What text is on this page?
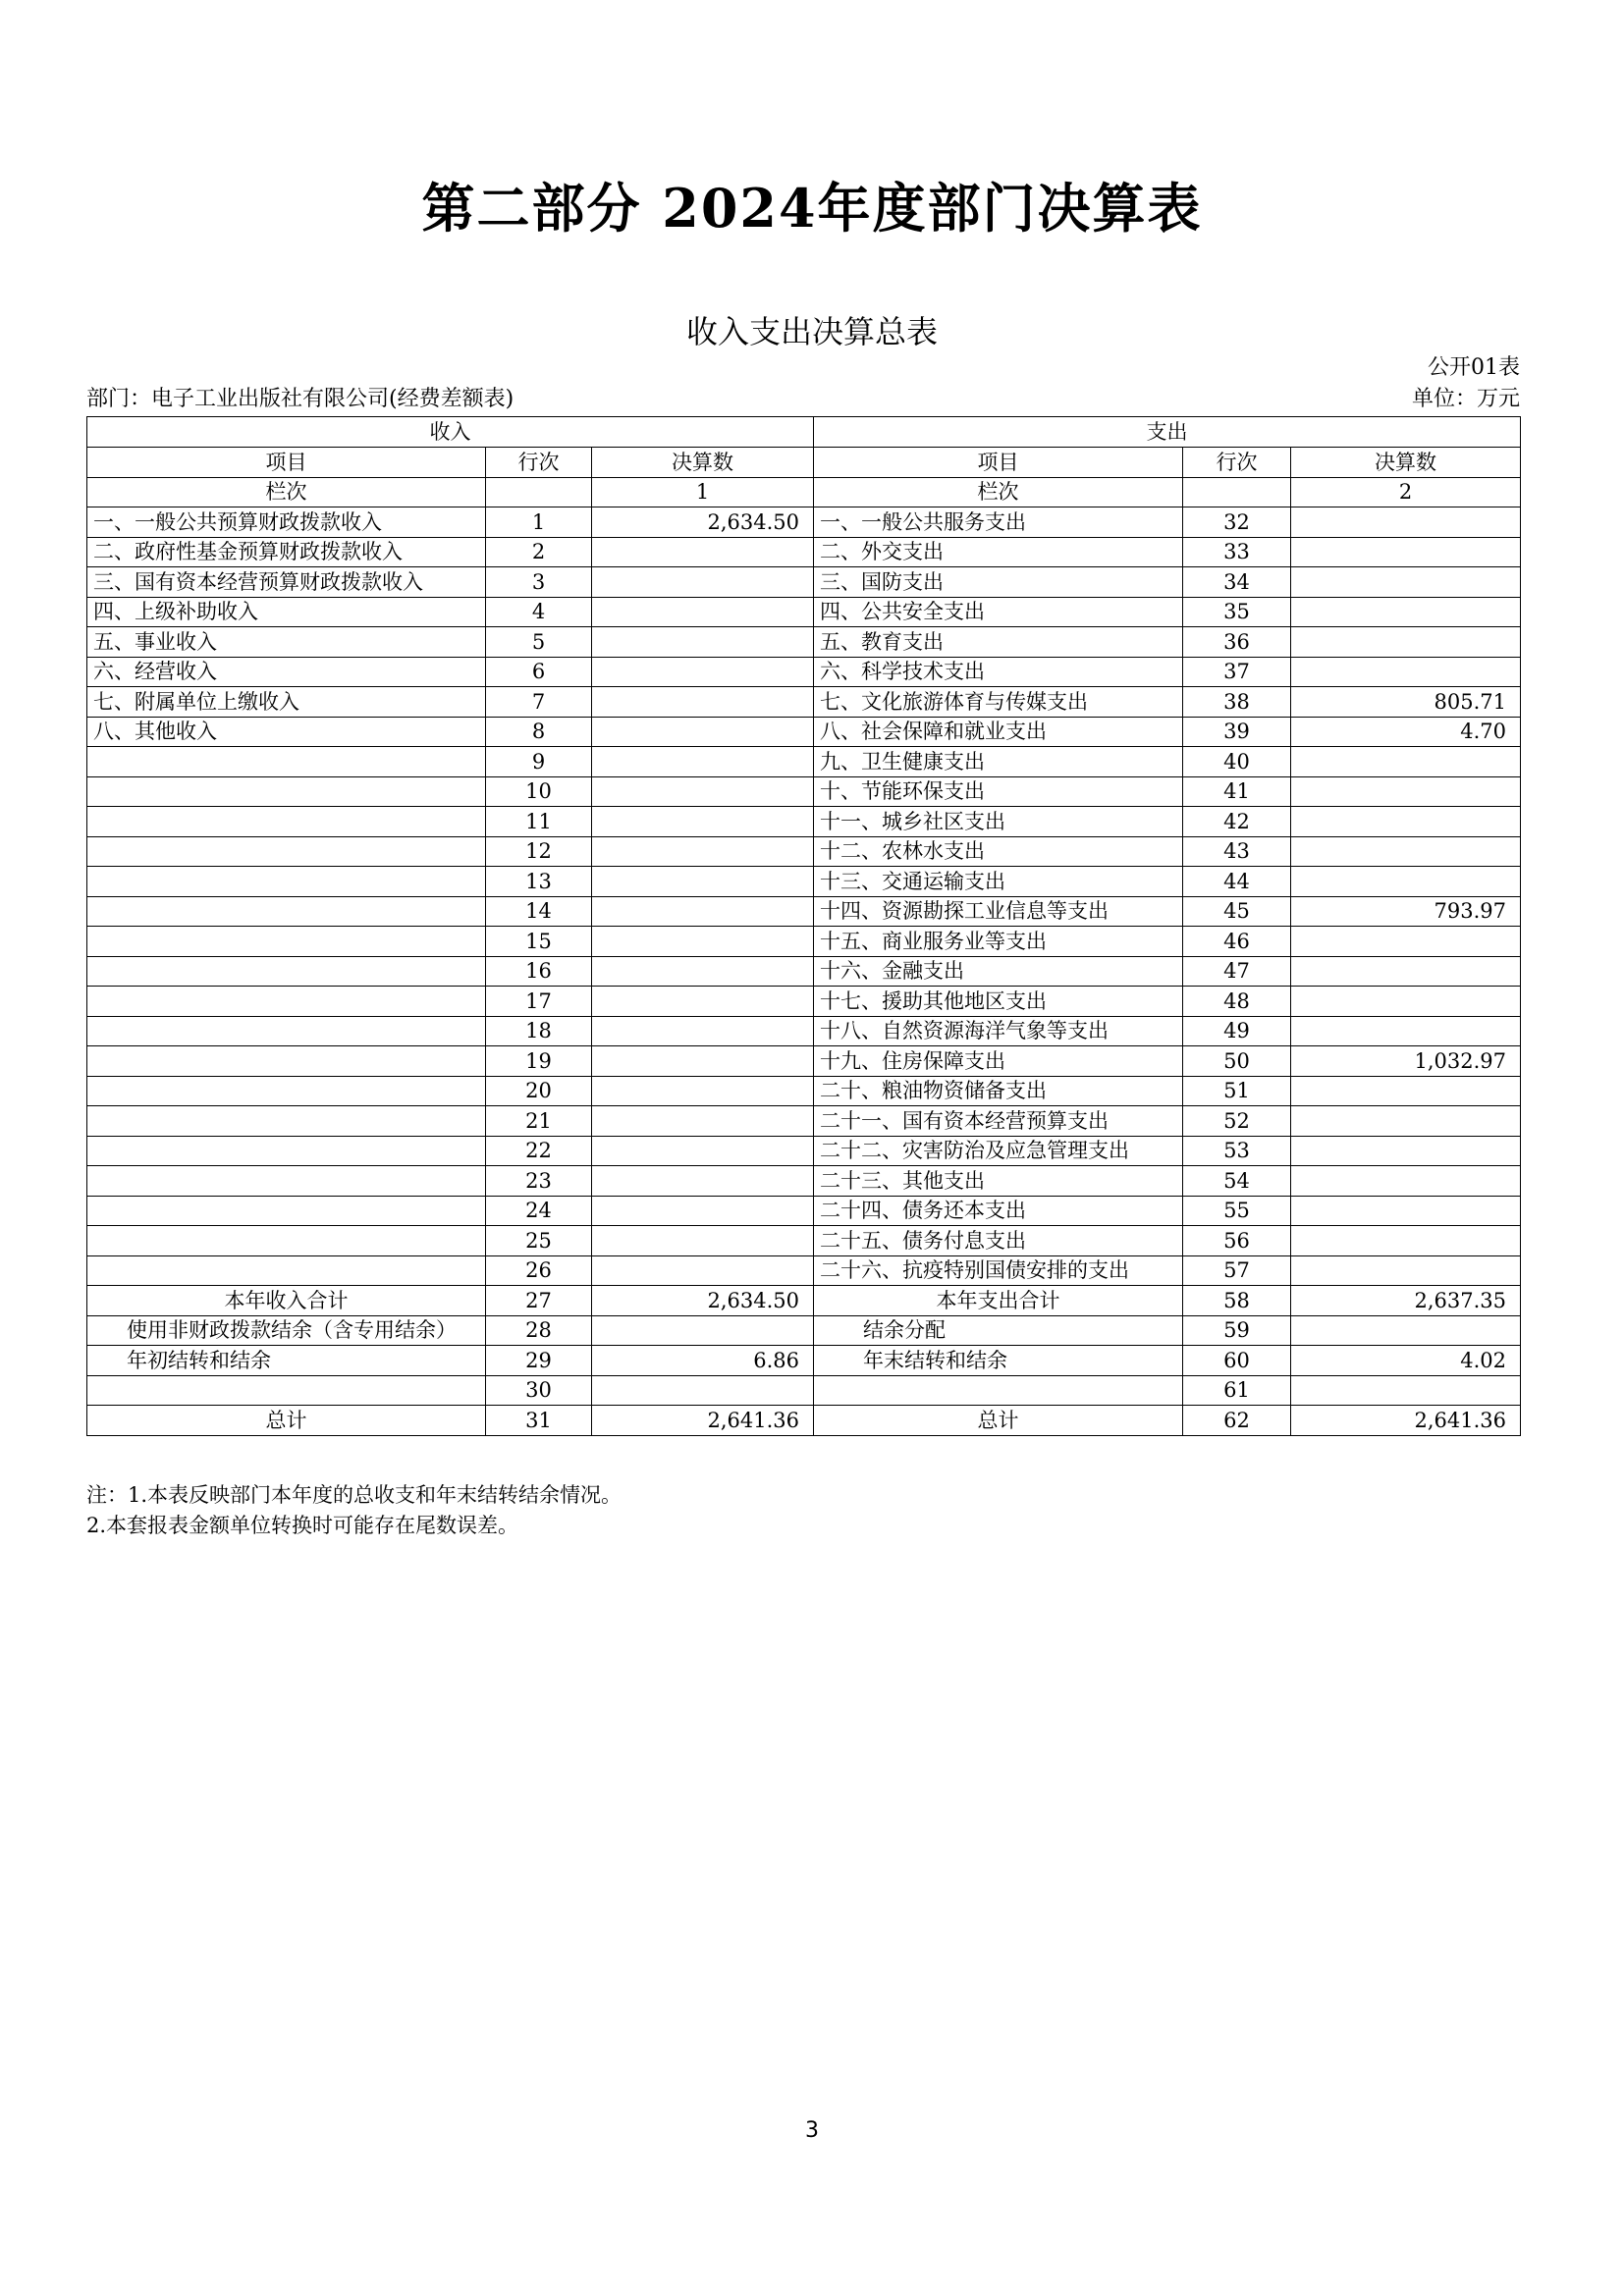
第二部分 2024年度部门决算表
收入支出决算总表
公开01表
部门：电子工业出版社有限公司(经费差额表)	单位：万元
收入			支出		
项目	行次	决算数	项目	行次	决算数
栏次		1	栏次		2
一、一般公共预算财政拨款收入	1	2,634.50	一、一般公共服务支出	32	
二、政府性基金预算财政拨款收入	2		二、外交支出	33	
三、国有资本经营预算财政拨款收入	3		三、国防支出	34	
四、上级补助收入	4		四、公共安全支出	35	
五、事业收入	5		五、教育支出	36	
六、经营收入	6		六、科学技术支出	37	
七、附属单位上缴收入	7		七、文化旅游体育与传媒支出	38	805.71
八、其他收入	8		八、社会保障和就业支出	39	4.70
	9		九、卫生健康支出	40	
	10		十、节能环保支出	41	
	11		十一、城乡社区支出	42	
	12		十二、农林水支出	43	
	13		十三、交通运输支出	44	
	14		十四、资源勘探工业信息等支出	45	793.97
	15		十五、商业服务业等支出	46	
	16		十六、金融支出	47	
	17		十七、援助其他地区支出	48	
	18		十八、自然资源海洋气象等支出	49	
	19		十九、住房保障支出	50	1,032.97
	20		二十、粮油物资储备支出	51	
	21		二十一、国有资本经营预算支出	52	
	22		二十二、灾害防治及应急管理支出	53	
	23		二十三、其他支出	54	
	24		二十四、债务还本支出	55	
	25		二十五、债务付息支出	56	
	26		二十六、抗疫特别国债安排的支出	57	
本年收入合计	27	2,634.50	本年支出合计	58	2,637.35
使用非财政拨款结余（含专用结余）	28		结余分配	59	
年初结转和结余	29	6.86	年末结转和结余	60	4.02
	30			61	
总计	31	2,641.36	总计	62	2,641.36
注：1.本表反映部门本年度的总收支和年末结转结余情况。
2.本套报表金额单位转换时可能存在尾数误差。
3
